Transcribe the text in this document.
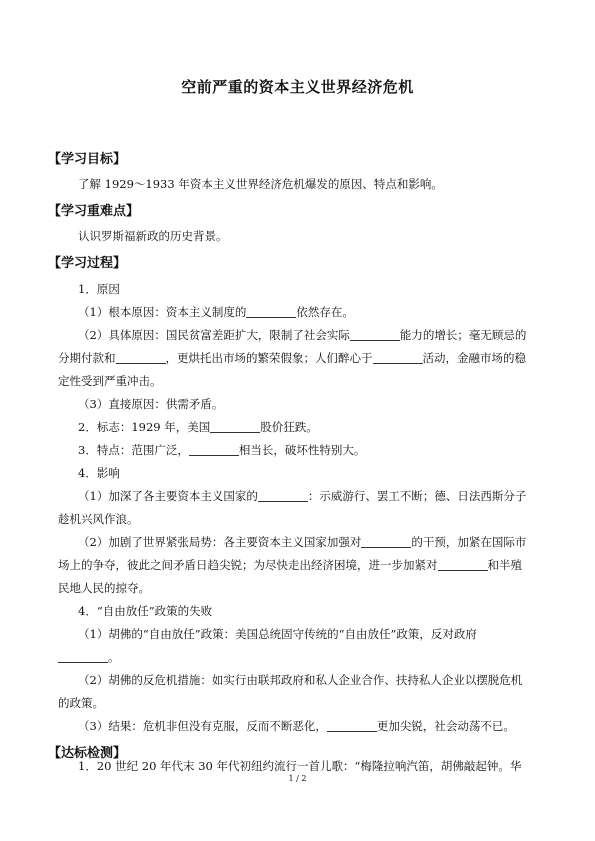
空前严重的资本主义世界经济危机
【学习目标】
了解 1929～1933 年资本主义世界经济危机爆发的原因、特点和影响。
【学习重难点】
认识罗斯福新政的历史背景。
【学习过程】
1．原因
（1）根本原因：资本主义制度的	依然存在。
（2）具体原因：国民贫富差距扩大，限制了社会实际	能力的增长；毫无顾忌的
分期付款和	，更烘托出市场的繁荣假象；人们醉心于	活动，金融市场的稳
定性受到严重冲击。
（3）直接原因：供需矛盾。
2．标志：1929 年，美国	股价狂跌。
3．特点：范围广泛，	相当长，破坏性特别大。
4．影响
（1）加深了各主要资本主义国家的	：示威游行、罢工不断；德、日法西斯分子
趁机兴风作浪。
（2）加剧了世界紧张局势：各主要资本主义国家加强对	的干预，加紧在国际市
场上的争夺，彼此之间矛盾日趋尖锐；为尽快走出经济困境，进一步加紧对	和半殖
民地人民的掠夺。
4．“自由放任”政策的失败
（1）胡佛的“自由放任”政策：美国总统固守传统的“自由放任”政策，反对政府
。
（2）胡佛的反危机措施：如实行由联邦政府和私人企业合作、扶持私人企业以摆脱危机
的政策。
（3）结果：危机非但没有克服，反而不断恶化，	更加尖锐，社会动荡不已。
【达标检测】
1．20 世纪 20 年代末 30 年代初纽约流行一首儿歌：“梅隆拉响汽笛，胡佛敲起钟。华
1 / 2
